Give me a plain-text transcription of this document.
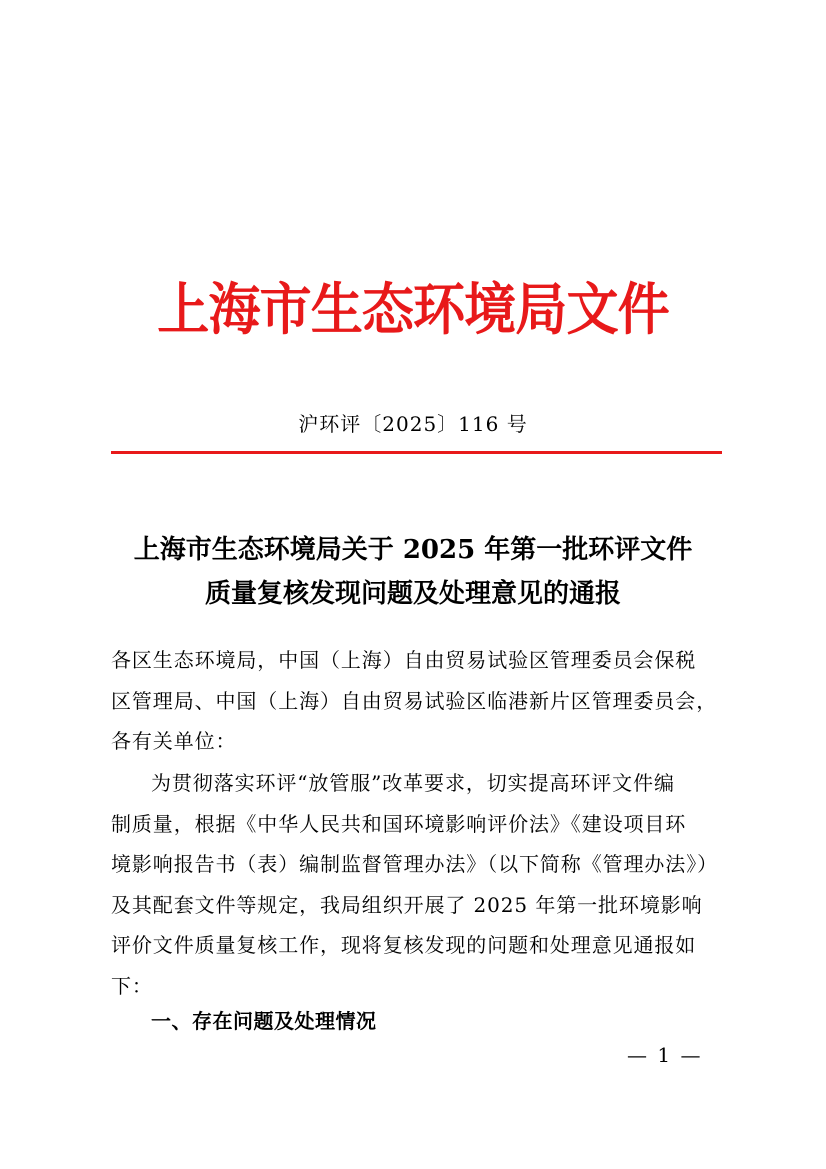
上海市生态环境局文件
沪环评〔2025〕116 号
上海市生态环境局关于 2025 年第一批环评文件
质量复核发现问题及处理意见的通报
各区生态环境局，中国（上海）自由贸易试验区管理委员会保税
区管理局、中国（上海）自由贸易试验区临港新片区管理委员会，
各有关单位：
为贯彻落实环评“放管服”改革要求，切实提高环评文件编
制质量，根据《中华人民共和国环境影响评价法》《建设项目环
境影响报告书（表）编制监督管理办法》（以下简称《管理办法》）
及其配套文件等规定，我局组织开展了 2025 年第一批环境影响
评价文件质量复核工作，现将复核发现的问题和处理意见通报如
下：
一、存在问题及处理情况
— 1 —
